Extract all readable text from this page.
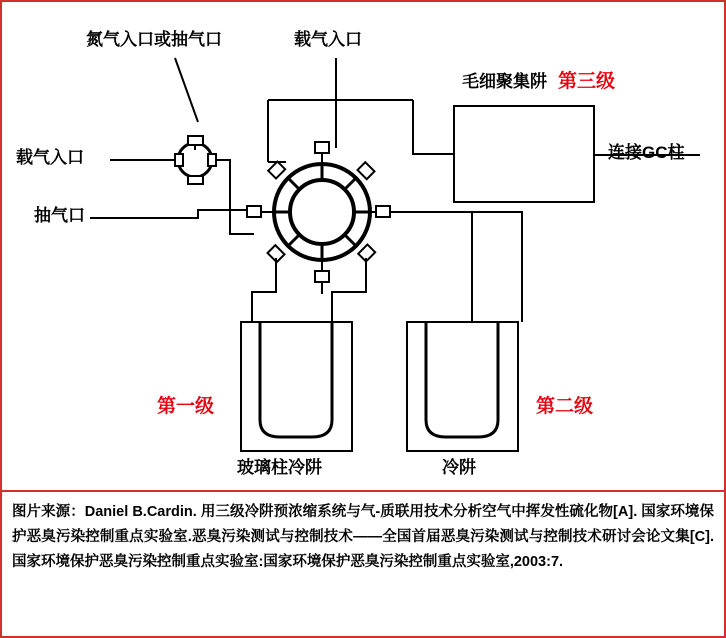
氮气入口或抽气口	载气入口
载气入口
抽气口
毛细聚集阱 第三级
连接GC柱
第一级	第二级
玻璃柱冷阱	冷阱

图片来源：Daniel B.Cardin. 用三级冷阱预浓缩系统与气-质联用技术分析空气中挥发性硫化物[A]. 国家环境保护恶臭污染控制重点实验室.恶臭污染测试与控制技术——全国首届恶臭污染测试与控制技术研讨会论文集[C].国家环境保护恶臭污染控制重点实验室:国家环境保护恶臭污染控制重点实验室,2003:7.
